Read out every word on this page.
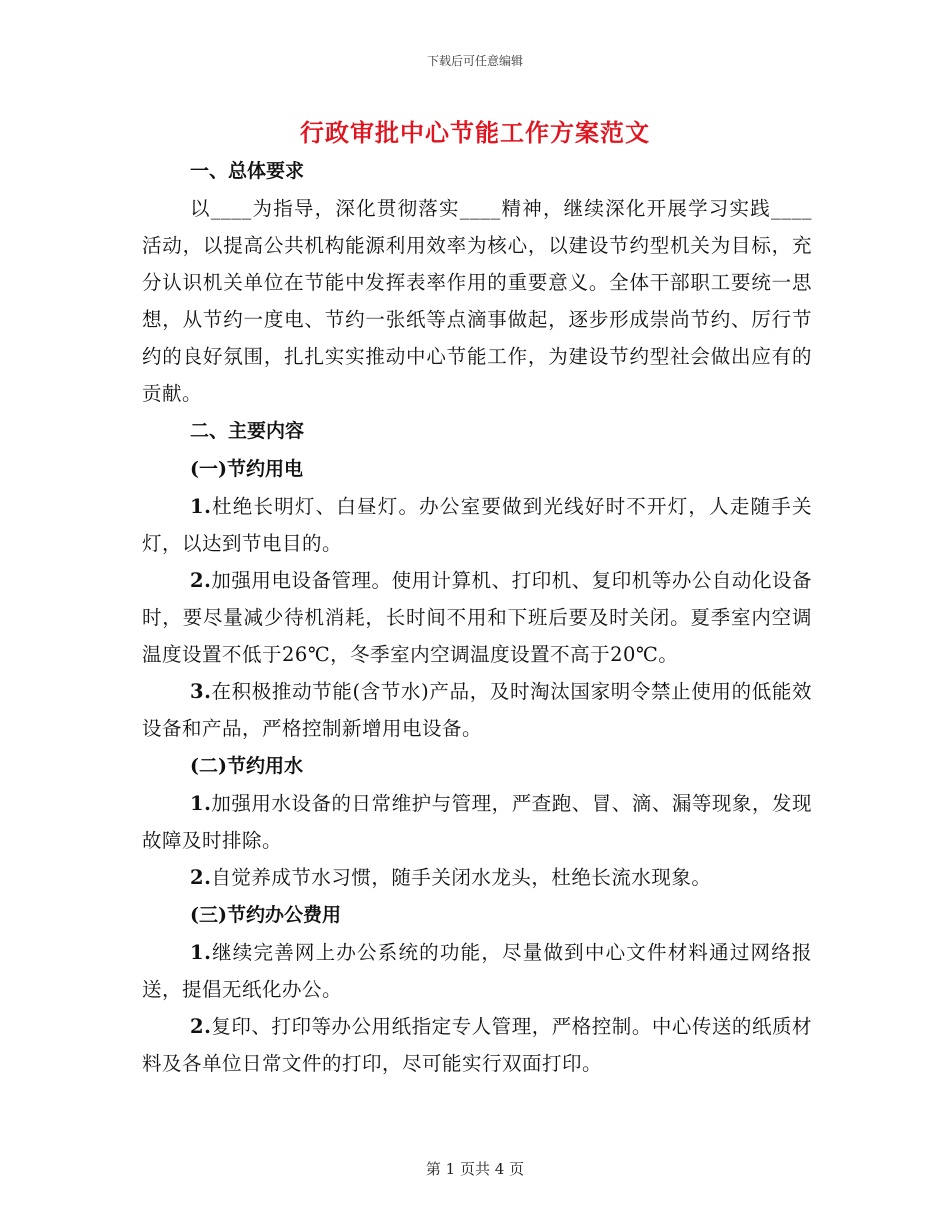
下载后可任意编辑
行政审批中心节能工作方案范文

一、总体要求

以____为指导，深化贯彻落实____精神，继续深化开展学习实践____活动，以提高公共机构能源利用效率为核心，以建设节约型机关为目标，充分认识机关单位在节能中发挥表率作用的重要意义。全体干部职工要统一思想，从节约一度电、节约一张纸等点滴事做起，逐步形成崇尚节约、厉行节约的良好氛围，扎扎实实推动中心节能工作，为建设节约型社会做出应有的贡献。

二、主要内容

(一)节约用电

1.杜绝长明灯、白昼灯。办公室要做到光线好时不开灯，人走随手关灯，以达到节电目的。

2.加强用电设备管理。使用计算机、打印机、复印机等办公自动化设备时，要尽量减少待机消耗，长时间不用和下班后要及时关闭。夏季室内空调温度设置不低于26℃，冬季室内空调温度设置不高于20℃。

3.在积极推动节能(含节水)产品，及时淘汰国家明令禁止使用的低能效设备和产品，严格控制新增用电设备。

(二)节约用水

1.加强用水设备的日常维护与管理，严查跑、冒、滴、漏等现象，发现故障及时排除。

2.自觉养成节水习惯，随手关闭水龙头，杜绝长流水现象。

(三)节约办公费用

1.继续完善网上办公系统的功能，尽量做到中心文件材料通过网络报送，提倡无纸化办公。

2.复印、打印等办公用纸指定专人管理，严格控制。中心传送的纸质材料及各单位日常文件的打印，尽可能实行双面打印。

第 1 页共 4 页
